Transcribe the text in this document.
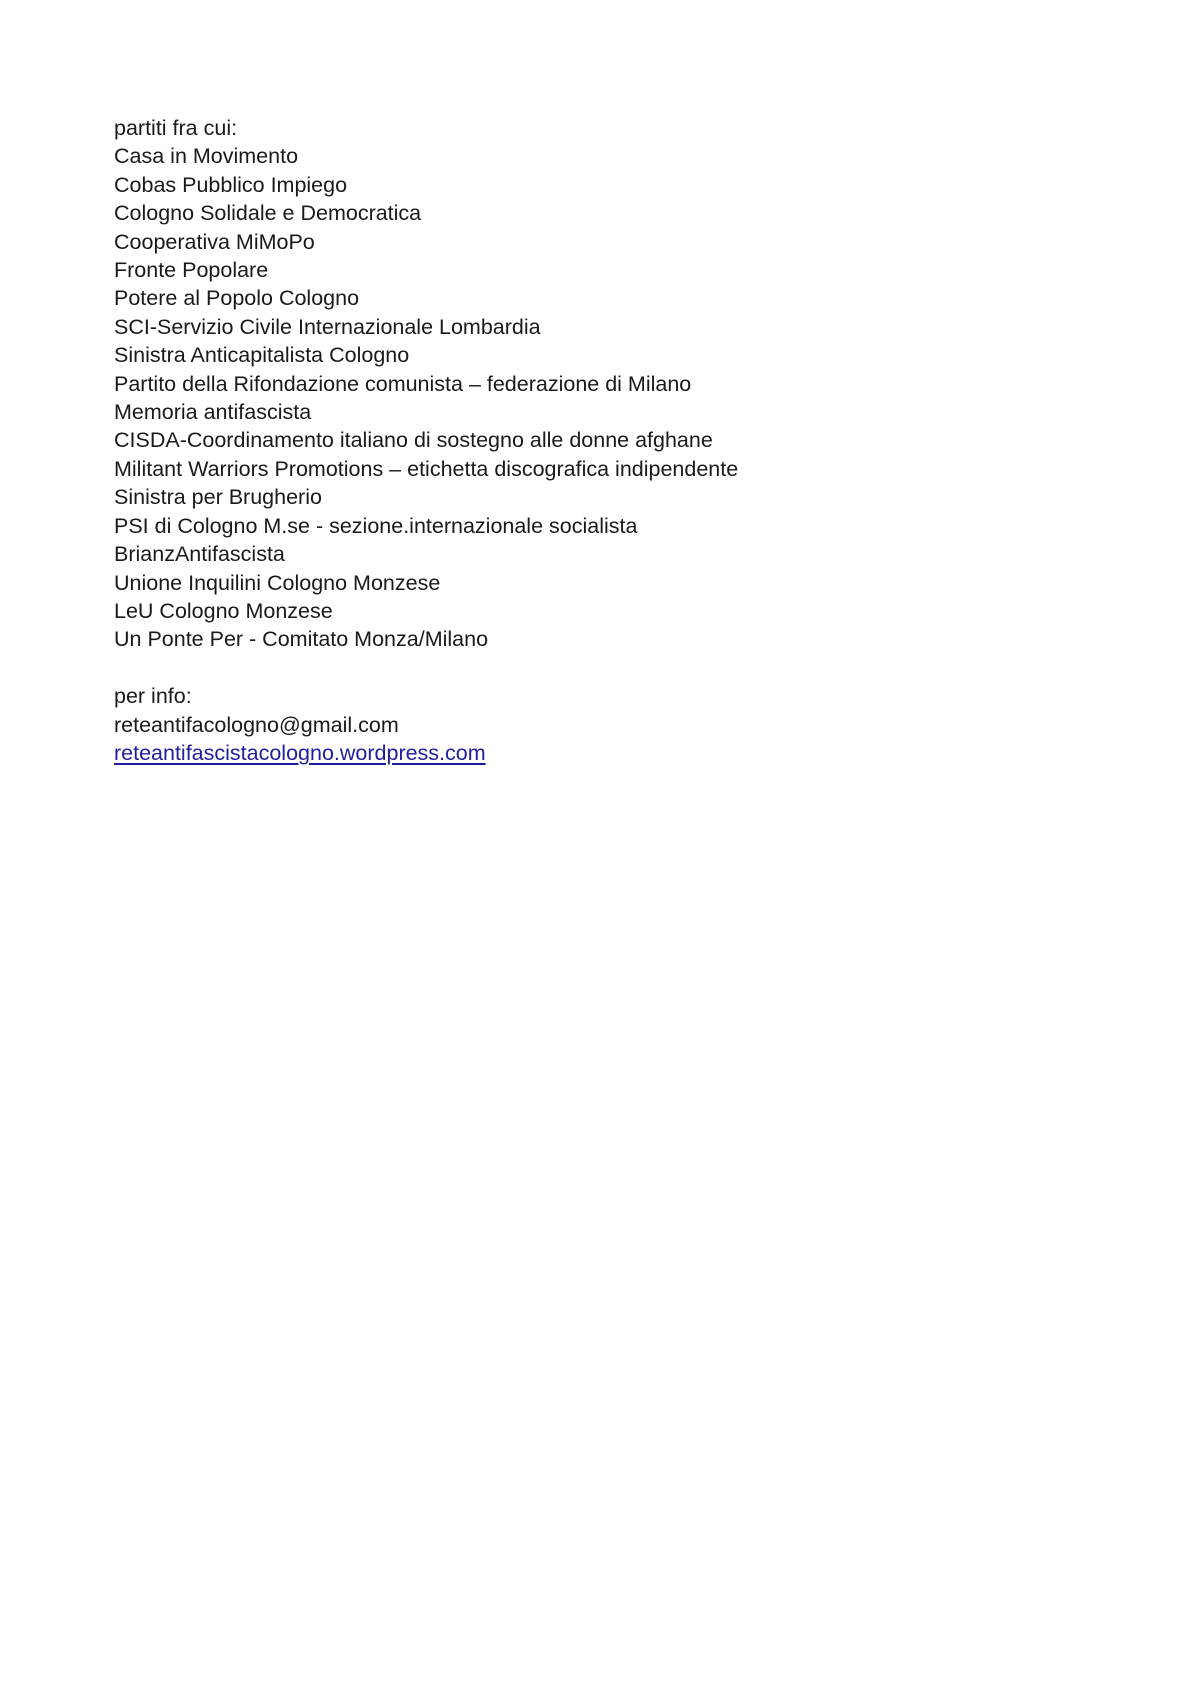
partiti fra cui:
Casa in Movimento
Cobas Pubblico Impiego
Cologno Solidale e Democratica
Cooperativa MiMoPo
Fronte Popolare
Potere al Popolo Cologno
SCI-Servizio Civile Internazionale Lombardia
Sinistra Anticapitalista Cologno
Partito della Rifondazione comunista – federazione di Milano
Memoria antifascista
CISDA-Coordinamento italiano di sostegno alle donne afghane
Militant Warriors Promotions – etichetta discografica indipendente
Sinistra per Brugherio
PSI di Cologno M.se - sezione.internazionale socialista
BrianzAntifascista
Unione Inquilini Cologno Monzese
LeU Cologno Monzese
Un Ponte Per - Comitato Monza/Milano
per info:
reteantifacologno@gmail.com
reteantifascistacologno.wordpress.com
